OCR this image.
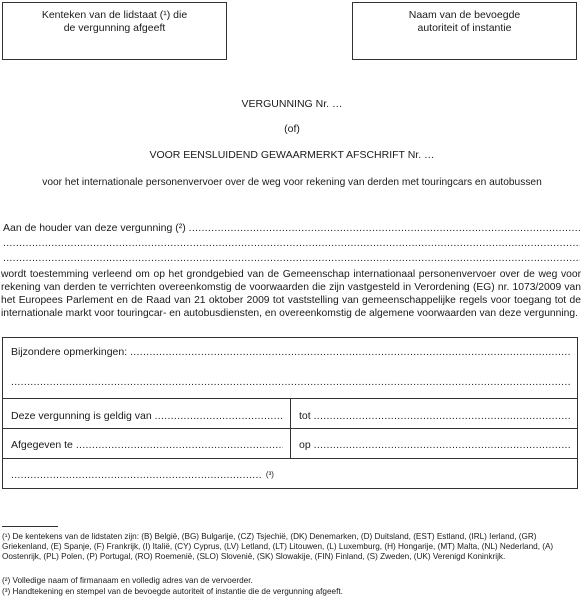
Kenteken van de lidstaat (¹) die de vergunning afgeeft
Naam van de bevoegde autoriteit of instantie
VERGUNNING Nr. …
(of)
VOOR EENSLUIDEND GEWAARMERKT AFSCHRIFT Nr. …
voor het internationale personenvervoer over de weg voor rekening van derden met touringcars en autobussen
Aan de houder van deze vergunning (²) .....
.....
.....
wordt toestemming verleend om op het grondgebied van de Gemeenschap internationaal personenvervoer over de weg voor rekening van derden te verrichten overeenkomstig de voorwaarden die zijn vastgesteld in Verordening (EG) nr. 1073/2009 van het Europees Parlement en de Raad van 21 oktober 2009 tot vaststelling van gemeenschappelijke regels voor toegang tot de internationale markt voor touringcar- en autobusdiensten, en overeenkomstig de algemene voorwaarden van deze vergunning.
Bijzondere opmerkingen: .....
.....
Deze vergunning is geldig van .....	tot .....
Afgegeven te .....	op .....
..... (³)
(¹) De kentekens van de lidstaten zijn: (B) België, (BG) Bulgarije, (CZ) Tsjechië, (DK) Denemarken, (D) Duitsland, (EST) Estland, (IRL) Ierland, (GR) Griekenland, (E) Spanje, (F) Frankrijk, (I) Italië, (CY) Cyprus, (LV) Letland, (LT) Litouwen, (L) Luxemburg, (H) Hongarije, (MT) Malta, (NL) Nederland, (A) Oostenrijk, (PL) Polen, (P) Portugal, (RO) Roemenië, (SLO) Slovenië, (SK) Slowakije, (FIN) Finland, (S) Zweden, (UK) Verenigd Koninkrijk.
(²) Volledige naam of firmanaam en volledig adres van de vervoerder.
(³) Handtekening en stempel van de bevoegde autoriteit of instantie die de vergunning afgeeft.
